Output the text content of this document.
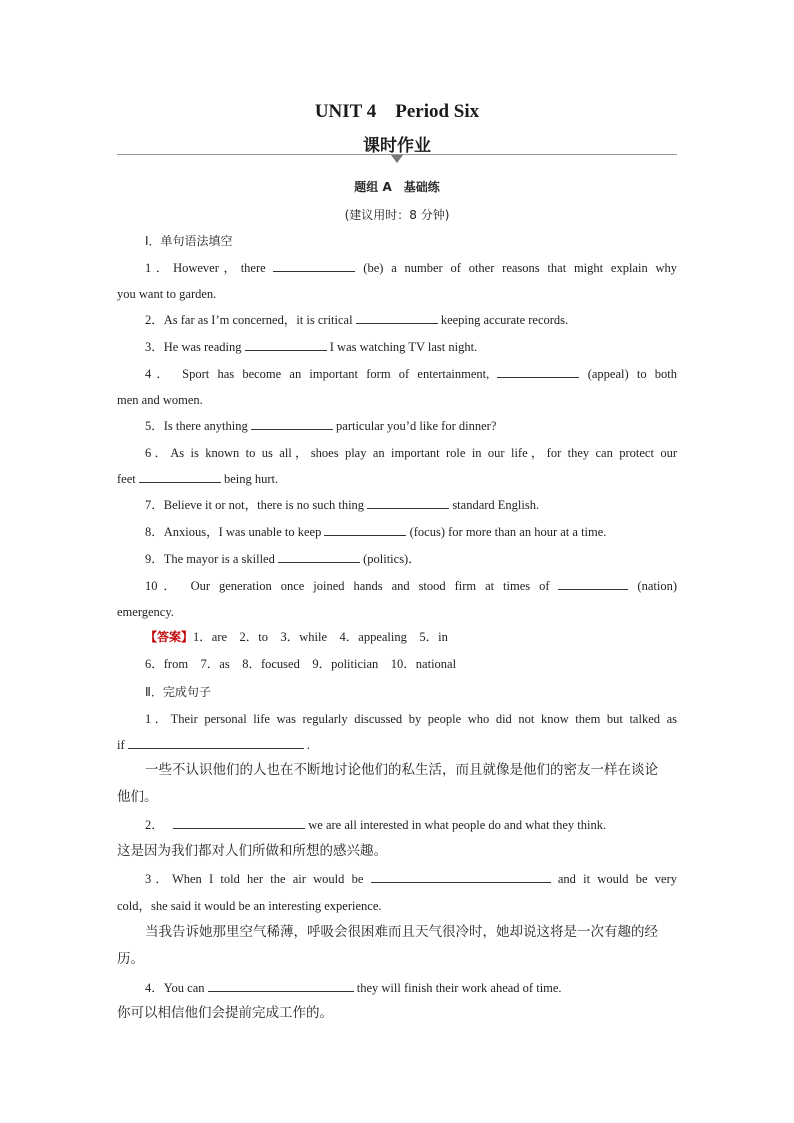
UNIT 4　Period Six
课时作业
题组 A　基础练
(建议用时：8 分钟)
Ⅰ．单句语法填空
1．However，there	(be) a number of other reasons that might explain why
you want to garden.
2．As far as I’m concerned，it is critical	keeping accurate records.
3．He was reading	I was watching TV last night.
4． Sport has become an important form of entertainment,	(appeal) to both
men and women.
5．Is there anything	particular you’d like for dinner?
6．As is known to us all，shoes play an important role in our life，for they can protect our
feet	being hurt.
7．Believe it or not，there is no such thing	standard English.
8．Anxious，I was unable to keep	(focus) for more than an hour at a time.
9．The mayor is a skilled	(politics)．
10． Our generation once joined hands and stood firm at times of	(nation)
emergency.
【答案】1．are　2．to　3．while　4．appealing　5．in
6．from　7．as　8．focused　9．politician　10．national
Ⅱ．完成句子
1．Their personal life was regularly discussed by people who did not know them but talked as
if	.
一些不认识他们的人也在不断地讨论他们的私生活，而且就像是他们的密友一样在谈论
他们。
2．	we are all interested in what people do and what they think.
这是因为我们都对人们所做和所想的感兴趣。
3．When I told her the air would be	and it would be very
cold，she said it would be an interesting experience.
当我告诉她那里空气稀薄，呼吸会很困难而且天气很冷时，她却说这将是一次有趣的经
历。
4．You can	they will finish their work ahead of time.
你可以相信他们会提前完成工作的。
